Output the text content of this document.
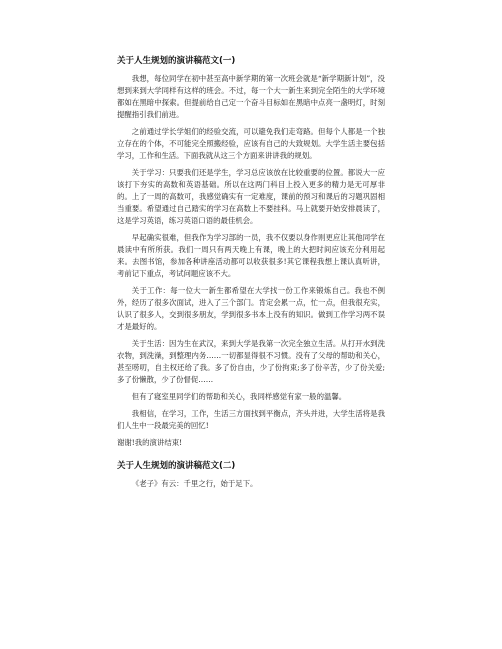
关于人生规划的演讲稿范文(一)

我想，每位同学在初中甚至高中新学期的第一次班会就是“新学期新计划”，没想到来到大学同样有这样的班会。不过，每一个大一新生来到完全陌生的大学环境都如在黑暗中探索。但提前给自己定一个奋斗目标如在黑暗中点亮一盏明灯，时刻提醒指引我们前进。

之前通过学长学姐们的经验交流，可以避免我们走弯路。但每个人都是一个独立存在的个体，不可能完全照搬经验，应该有自己的大致规划。大学生活主要包括学习，工作和生活。下面我就从这三个方面来讲讲我的规划。

关于学习：只要我们还是学生，学习总应该放在比较重要的位置。都说大一应该打下夯实的高数和英语基础。所以在这两门科目上投入更多的精力是无可厚非的。上了一周的高数可，我感觉确实有一定难度，课前的预习和课后的习题巩固相当重要。希望通过自己踏实的学习在高数上不要挂科。马上就要开始安排晨读了，这是学习英语，练习英语口语的最佳机会。

早起确实很难，但我作为学习部的一员，我不仅要以身作则更应让其他同学在晨读中有所所获。我们一周只有两天晚上有课，晚上的大把时间应该充分利用起来。去图书馆，参加各种讲座活动都可以收获很多!其它课程我想上课认真听讲，考前记下重点，考试问题应该不大。

关于工作：每一位大一新生都希望在大学找一份工作来锻炼自己。我也不例外，经历了很多次面试，进入了三个部门。肯定会累一点，忙一点，但我很充实，认识了很多人，交到很多朋友，学到很多书本上没有的知识。做到工作学习两不误才是最好的。

关于生活：因为生在武汉，来到大学是我第一次完全独立生活。从打开水到洗衣物，到洗澡，到整理内务……一切都显得很不习惯。没有了父母的帮助和关心，甚至唠叨，自主权还给了我。多了份自由，少了份拘束;多了份辛苦，少了份关爱;多了份懒散，少了份督促……

但有了寝室里同学们的帮助和关心，我同样感觉有家一般的温馨。

我相信，在学习，工作，生活三方面找到平衡点，齐头并进，大学生活将是我们人生中一段最完美的回忆!

谢谢!我的演讲结束!

关于人生规划的演讲稿范文(二)

《老子》有云：千里之行，始于足下。
